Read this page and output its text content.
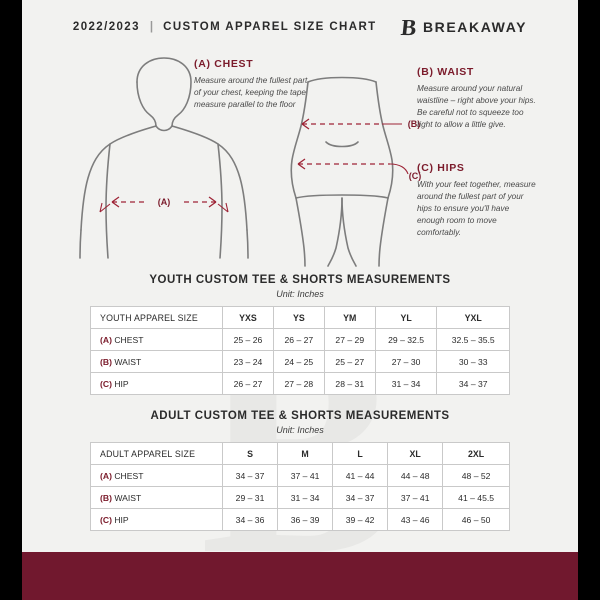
2022/2023 | CUSTOM APPAREL SIZE CHART B BREAKAWAY
(A)
(B)
(C)
(A) CHEST
Measure around the fullest part of your chest, keeping the tape measure parallel to the floor
(B) WAIST
Measure around your natural waistline – right above your hips. Be careful not to squeeze too tight to allow a little give.
(C) HIPS
With your feet together, measure around the fullest part of your hips to ensure you'll have enough room to move comfortably.
YOUTH CUSTOM TEE & SHORTS MEASUREMENTS
Unit: Inches
YOUTH APPAREL SIZE	YXS	YS	YM	YL	YXL
(A) CHEST	25 – 26	26 – 27	27 – 29	29 – 32.5	32.5 – 35.5
(B) WAIST	23 – 24	24 – 25	25 – 27	27 – 30	30 – 33
(C) HIP	26 – 27	27 – 28	28 – 31	31 – 34	34 – 37
ADULT CUSTOM TEE & SHORTS MEASUREMENTS
Unit: Inches
ADULT APPAREL SIZE	S	M	L	XL	2XL
(A) CHEST	34 – 37	37 – 41	41 – 44	44 – 48	48 – 52
(B) WAIST	29 – 31	31 – 34	34 – 37	37 – 41	41 – 45.5
(C) HIP	34 – 36	36 – 39	39 – 42	43 – 46	46 – 50
